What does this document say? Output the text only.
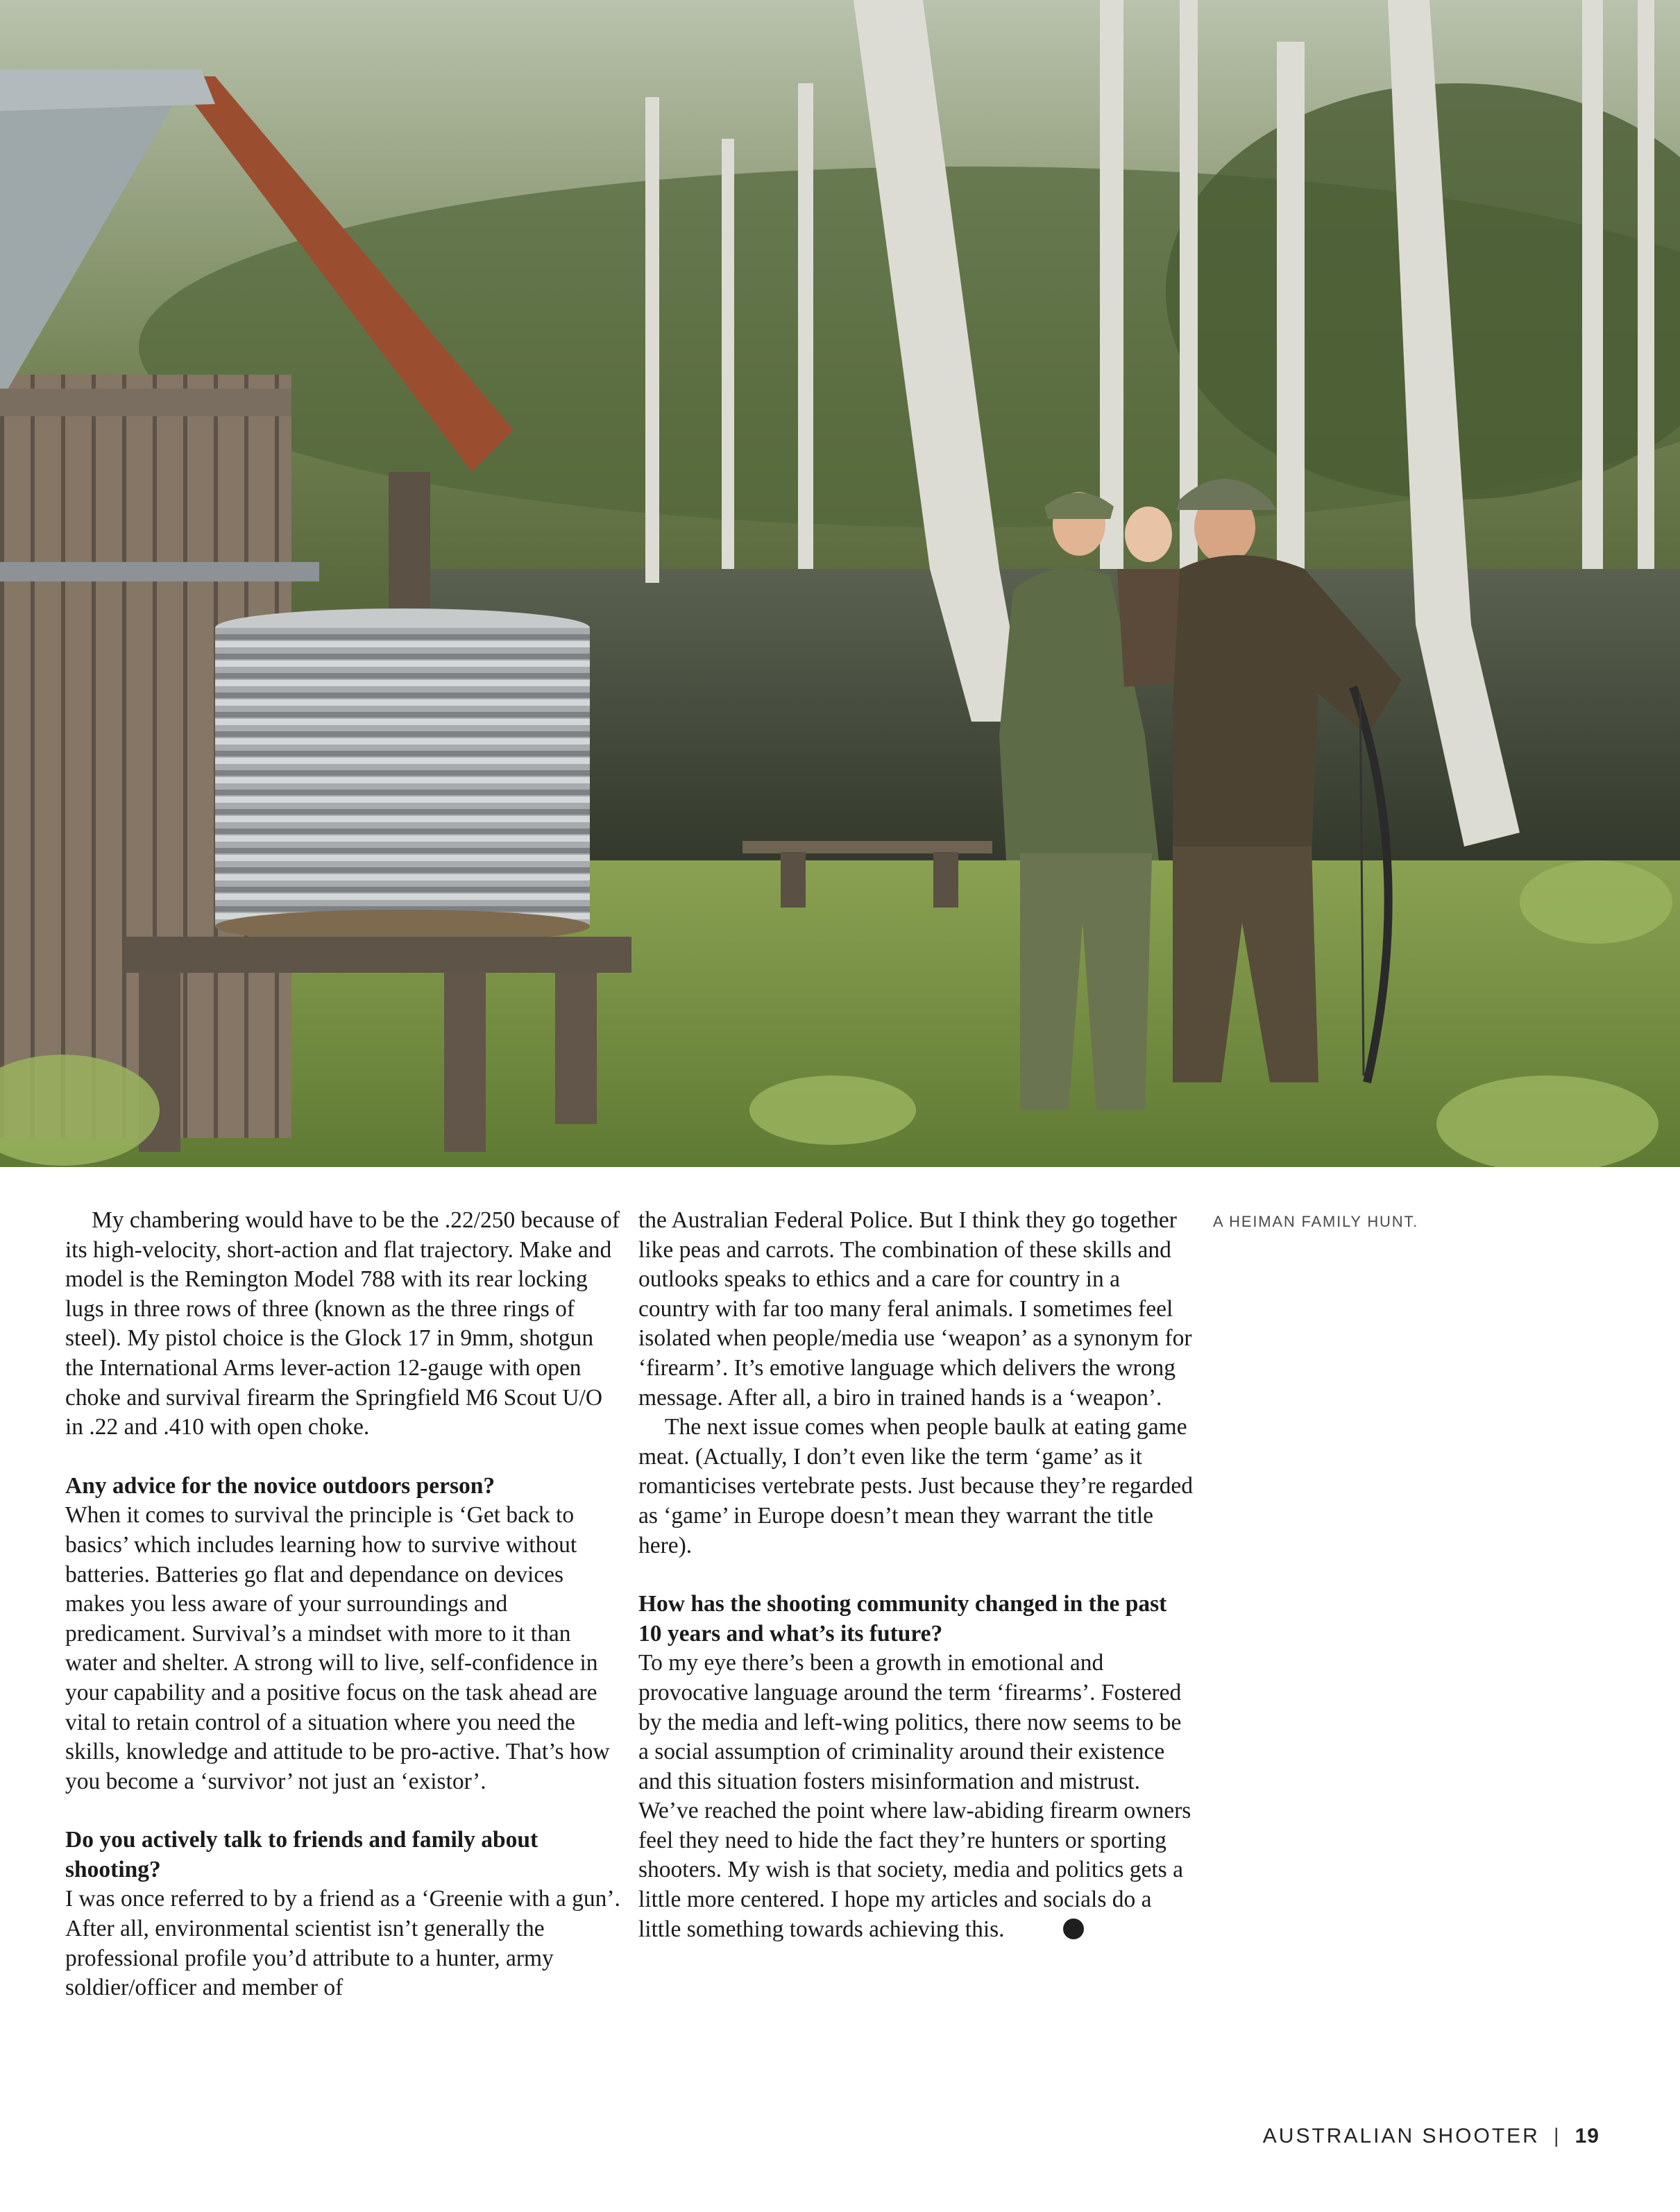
My chambering would have to be the .22/250 because of its high-velocity, short-action and flat trajectory. Make and model is the Remington Model 788 with its rear locking lugs in three rows of three (known as the three rings of steel). My pistol choice is the Glock 17 in 9mm, shotgun the International Arms lever-action 12-gauge with open choke and survival firearm the Springfield M6 Scout U/O in .22 and .410 with open choke.

Any advice for the novice outdoors person?

When it comes to survival the principle is ‘Get back to basics’ which includes learning how to survive without batteries. Batteries go flat and dependance on devices makes you less aware of your surroundings and predicament. Survival’s a mindset with more to it than water and shelter. A strong will to live, self-confidence in your capability and a positive focus on the task ahead are vital to retain control of a situation where you need the skills, knowledge and attitude to be pro-active. That’s how you become a ‘survivor’ not just an ‘existor’.

Do you actively talk to friends and family about shooting?

I was once referred to by a friend as a ‘Greenie with a gun’. After all, environmental scientist isn’t generally the professional profile you’d attribute to a hunter, army soldier/officer and member of

the Australian Federal Police. But I think they go together like peas and carrots. The combination of these skills and outlooks speaks to ethics and a care for country in a country with far too many feral animals. I sometimes feel isolated when people/media use ‘weapon’ as a synonym for ‘firearm’. It’s emotive language which delivers the wrong message. After all, a biro in trained hands is a ‘weapon’.

The next issue comes when people baulk at eating game meat. (Actually, I don’t even like the term ‘game’ as it romanticises vertebrate pests. Just because they’re regarded as ‘game’ in Europe doesn’t mean they warrant the title here).

How has the shooting community changed in the past 10 years and what’s its future?

To my eye there’s been a growth in emotional and provocative language around the term ‘firearms’. Fostered by the media and left-wing politics, there now seems to be a social assumption of criminality around their existence and this situation fosters misinformation and mistrust. We’ve reached the point where law-abiding firearm owners feel they need to hide the fact they’re hunters or sporting shooters. My wish is that society, media and politics gets a little more centered. I hope my articles and socials do a little something towards achieving this.

A HEIMAN FAMILY HUNT.
AUSTRALIAN SHOOTER | 19
